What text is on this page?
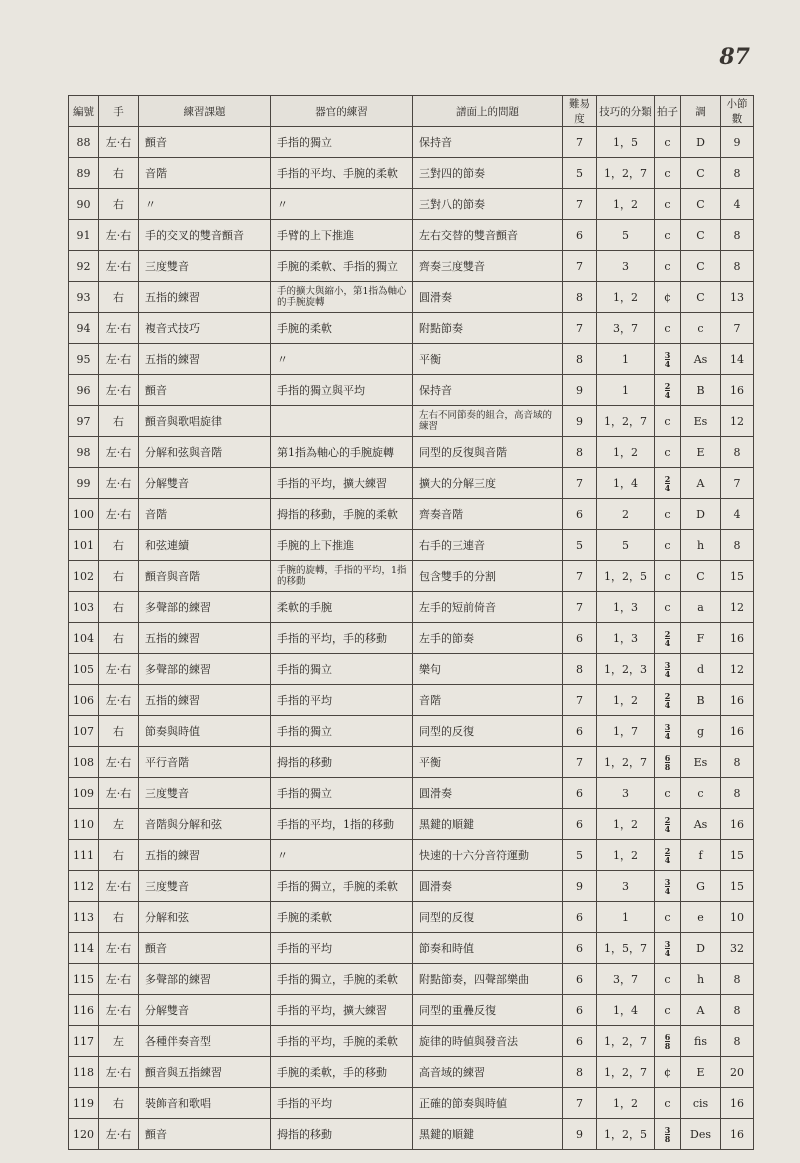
87
編號	手	練習課題	器官的練習	譜面上的問題	難易度	技巧的分類	拍子	調	小節數
88	左·右	顫音	手指的獨立	保持音	7	1，5	c	D	9
89	右	音階	手指的平均、手腕的柔軟	三對四的節奏	5	1，2，7	c	C	8
90	右	〃	〃	三對八的節奏	7	1，2	c	C	4
91	左·右	手的交叉的雙音顫音	手臂的上下推進	左右交替的雙音顫音	6	5	c	C	8
92	左·右	三度雙音	手腕的柔軟、手指的獨立	齊奏三度雙音	7	3	c	C	8
93	右	五指的練習	手的擴大與縮小，第1指為軸心的手腕旋轉	圓滑奏	8	1，2	¢	C	13
94	左·右	複音式技巧	手腕的柔軟	附點節奏	7	3，7	c	c	7
95	左·右	五指的練習	〃	平衡	8	1	$\frac{3}{4}$	As	14
96	左·右	顫音	手指的獨立與平均	保持音	9	1	$\frac{2}{4}$	B	16
97	右	顫音與歌唱旋律		左右不同節奏的組合，高音域的練習	9	1，2，7	c	Es	12
98	左·右	分解和弦與音階	第1指為軸心的手腕旋轉	同型的反復與音階	8	1，2	c	E	8
99	左·右	分解雙音	手指的平均，擴大練習	擴大的分解三度	7	1，4	$\frac{2}{4}$	A	7
100	左·右	音階	拇指的移動，手腕的柔軟	齊奏音階	6	2	c	D	4
101	右	和弦連續	手腕的上下推進	右手的三連音	5	5	c	h	8
102	右	顫音與音階	手腕的旋轉，手指的平均，1指的移動	包含雙手的分割	7	1，2，5	c	C	15
103	右	多聲部的練習	柔軟的手腕	左手的短前倚音	7	1，3	c	a	12
104	右	五指的練習	手指的平均，手的移動	左手的節奏	6	1，3	$\frac{2}{4}$	F	16
105	左·右	多聲部的練習	手指的獨立	樂句	8	1，2，3	$\frac{3}{4}$	d	12
106	左·右	五指的練習	手指的平均	音階	7	1，2	$\frac{2}{4}$	B	16
107	右	節奏與時值	手指的獨立	同型的反復	6	1，7	$\frac{3}{4}$	g	16
108	左·右	平行音階	拇指的移動	平衡	7	1，2，7	$\frac{6}{8}$	Es	8
109	左·右	三度雙音	手指的獨立	圓滑奏	6	3	c	c	8
110	左	音階與分解和弦	手指的平均，1指的移動	黑鍵的順鍵	6	1，2	$\frac{2}{4}$	As	16
111	右	五指的練習	〃	快速的十六分音符運動	5	1，2	$\frac{2}{4}$	f	15
112	左·右	三度雙音	手指的獨立，手腕的柔軟	圓滑奏	9	3	$\frac{3}{4}$	G	15
113	右	分解和弦	手腕的柔軟	同型的反復	6	1	c	e	10
114	左·右	顫音	手指的平均	節奏和時值	6	1，5，7	$\frac{3}{4}$	D	32
115	左·右	多聲部的練習	手指的獨立，手腕的柔軟	附點節奏，四聲部樂曲	6	3，7	c	h	8
116	左·右	分解雙音	手指的平均，擴大練習	同型的重疊反復	6	1，4	c	A	8
117	左	各種伴奏音型	手指的平均，手腕的柔軟	旋律的時値與發音法	6	1，2，7	$\frac{6}{8}$	fis	8
118	左·右	顫音與五指練習	手腕的柔軟，手的移動	高音域的練習	8	1，2，7	¢	E	20
119	右	裝飾音和歌唱	手指的平均	正確的節奏與時値	7	1，2	c	cis	16
120	左·右	顫音	拇指的移動	黑鍵的順鍵	9	1，2，5	$\frac{3}{8}$	Des	16
